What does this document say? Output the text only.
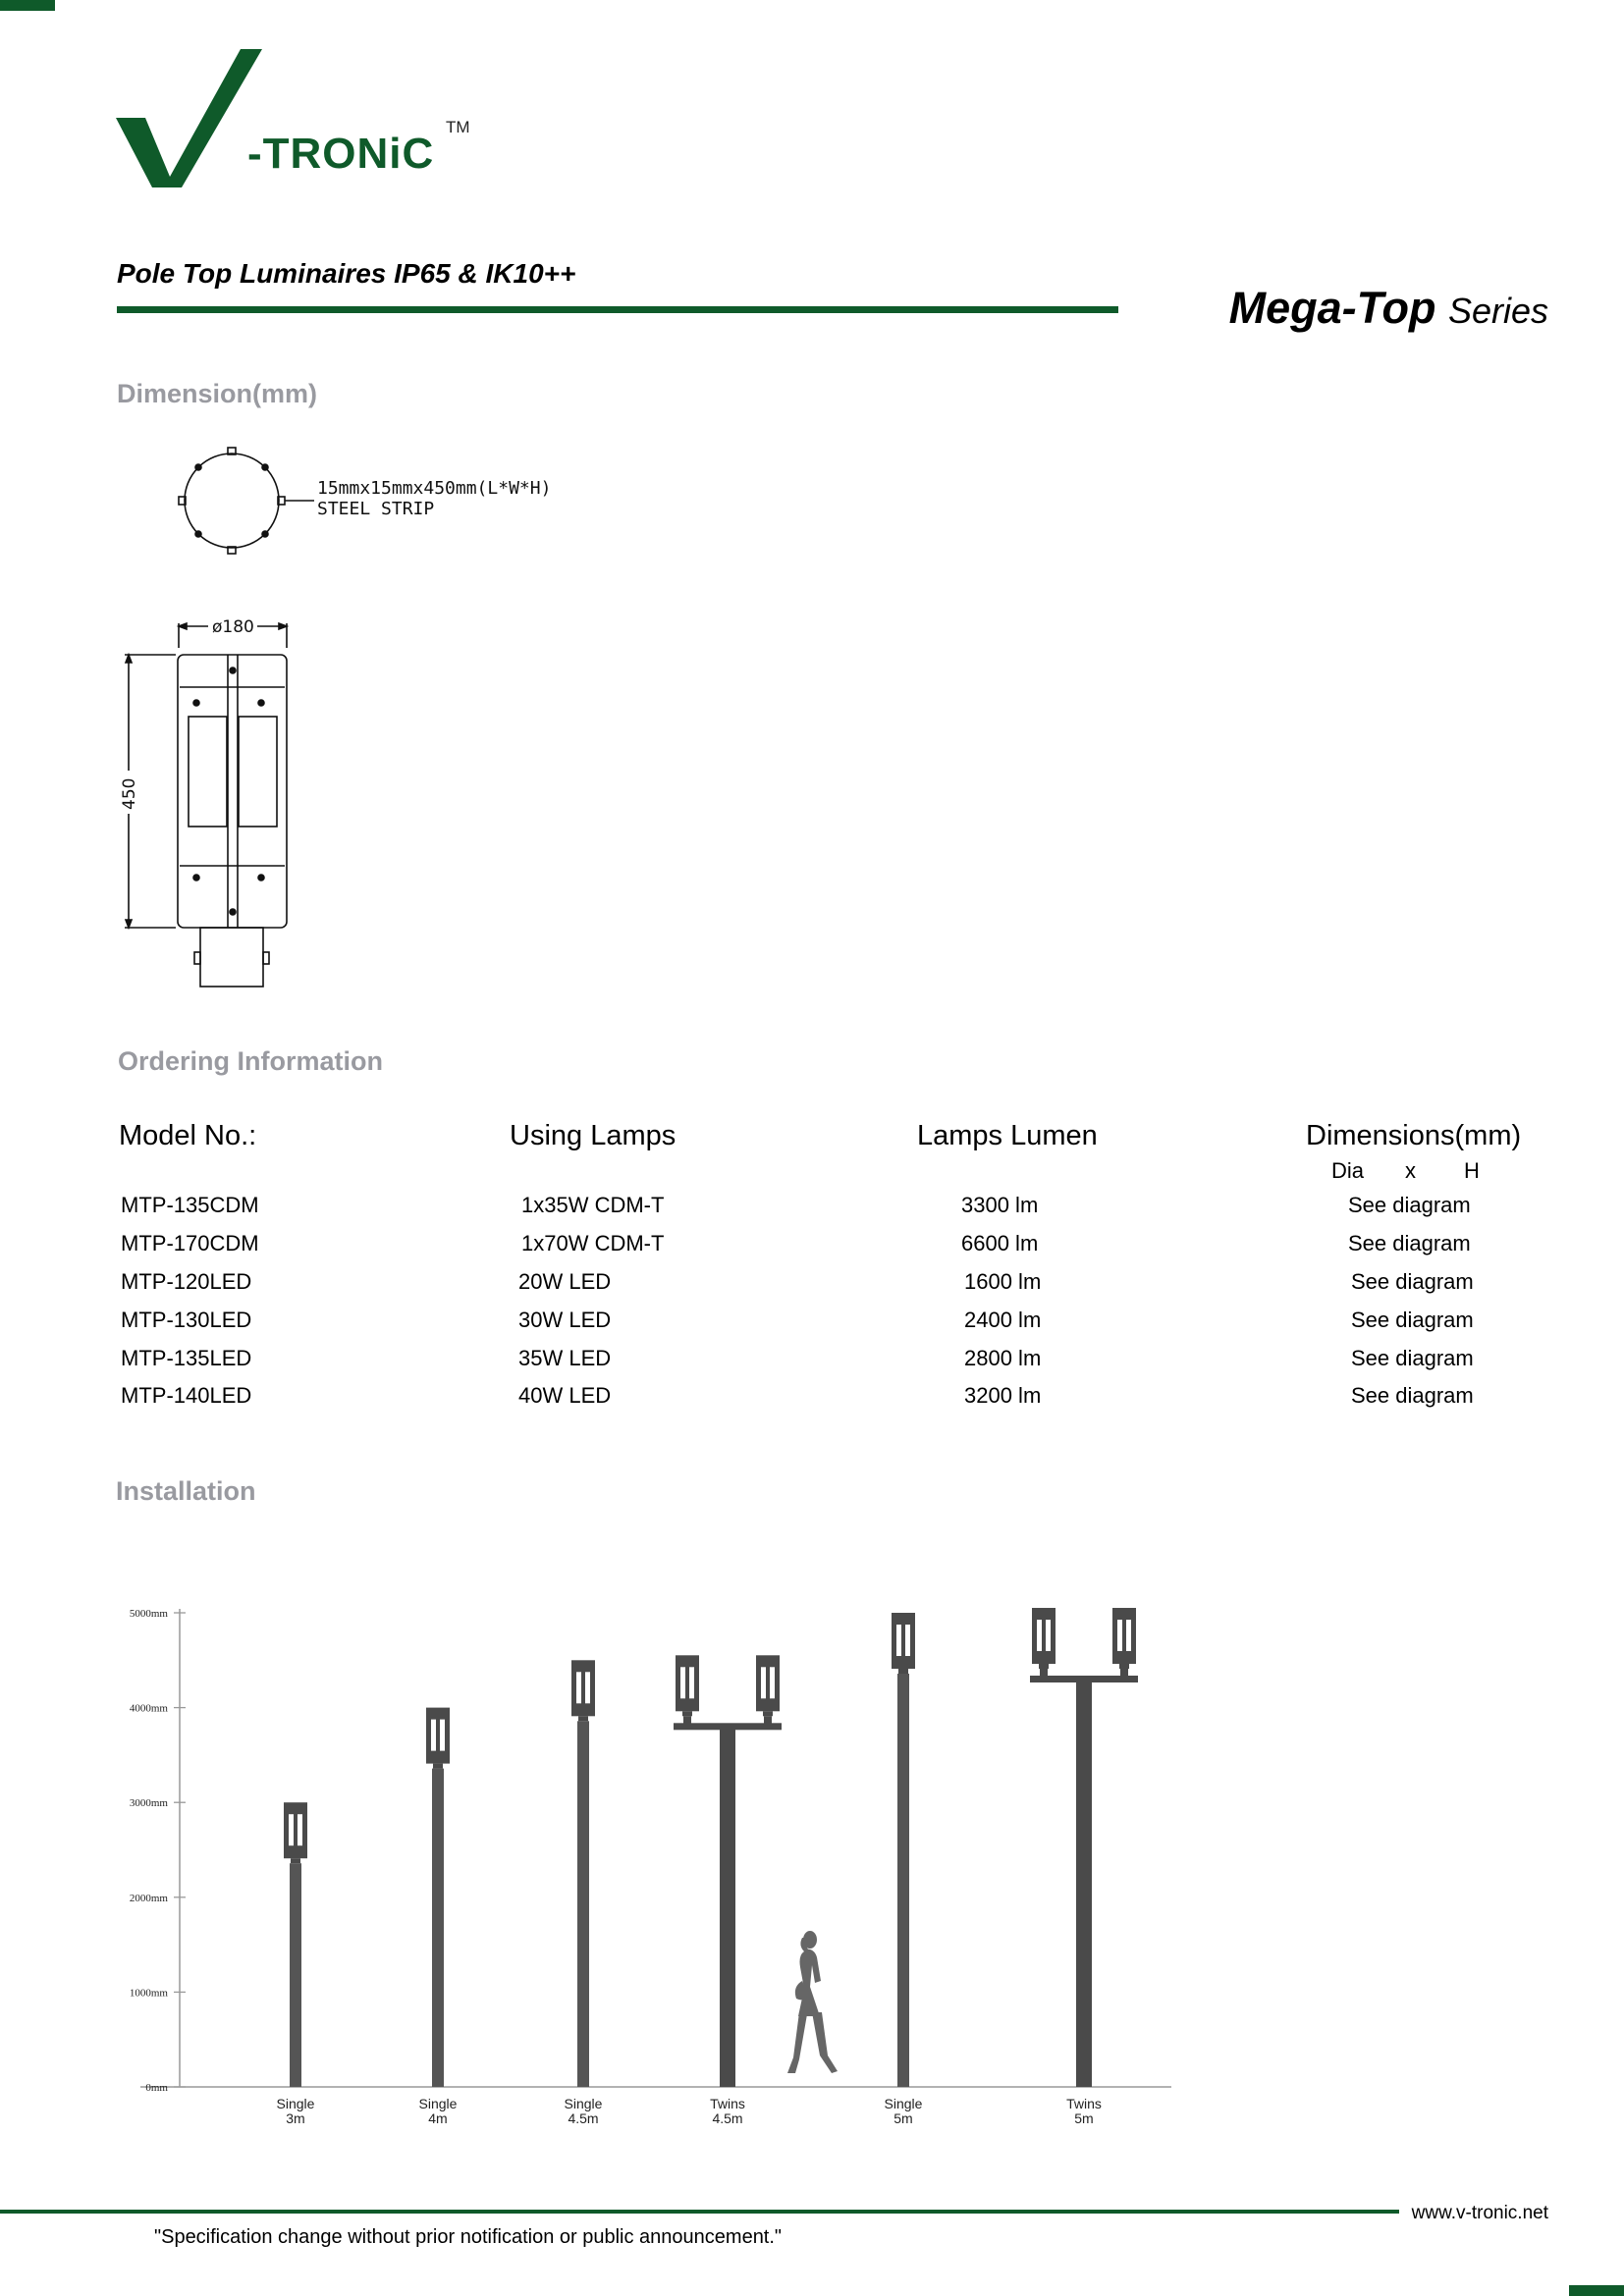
-TRONiC
TM
Pole Top Luminaires IP65 & IK10++
Mega-Top Series
Dimension(mm)
ø180
450
15mmx15mmx450mm(L*W*H)
STEEL STRIP
Ordering Information
Model No.:	Using Lamps	Lamps Lumen	Dimensions(mm)
Dia x H
MTP-135CDM	1x35W CDM-T	3300 lm	See diagram
MTP-170CDM	1x70W CDM-T	6600 lm	See diagram
MTP-120LED	20W LED	1600 lm	See diagram
MTP-130LED	30W LED	2400 lm	See diagram
MTP-135LED	35W LED	2800 lm	See diagram
MTP-140LED	40W LED	3200 lm	See diagram
Installation
0mm
1000mm
2000mm
3000mm
4000mm
5000mm
Single
3m
Single
4m
Single
4.5m
Twins
4.5m
Single
5m
Twins
5m
www.v-tronic.net
"Specification change without prior notification or public announcement."
